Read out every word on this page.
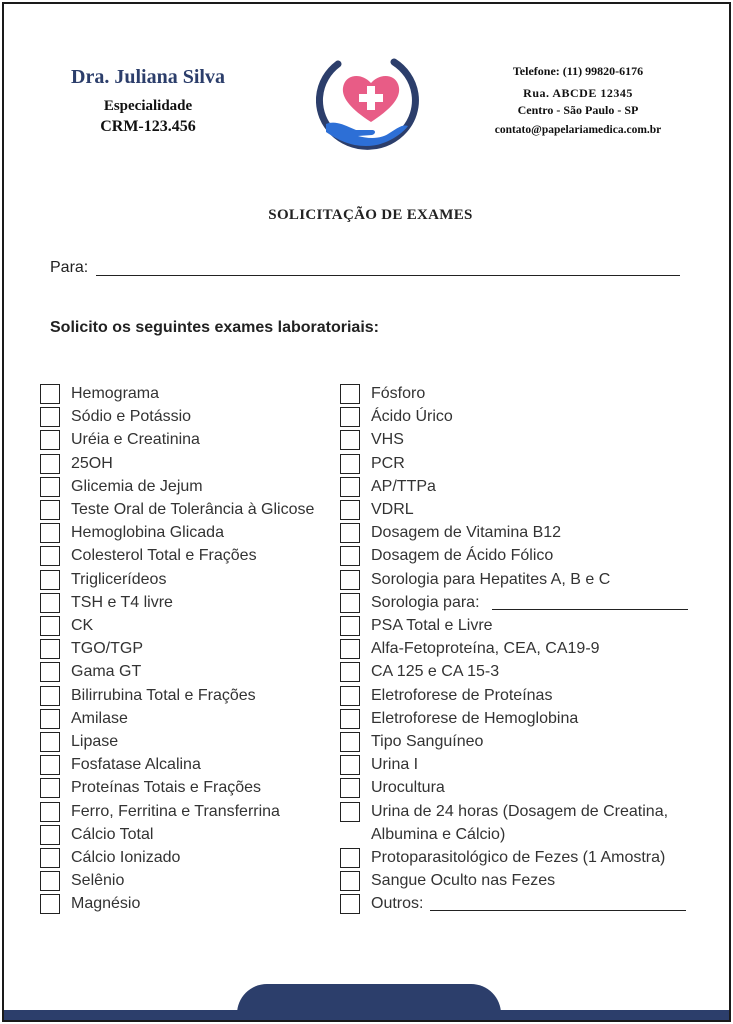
Dra. Juliana Silva
Especialidade
CRM-123.456
Telefone: (11) 99820-6176
Rua. ABCDE 12345
Centro - São Paulo - SP
contato@papelariamedica.com.br
SOLICITAÇÃO DE EXAMES
Para:
Solicito os seguintes exames laboratoriais:
Hemograma
Sódio e Potássio
Uréia e Creatinina
25OH
Glicemia de Jejum
Teste Oral de Tolerância à Glicose
Hemoglobina Glicada
Colesterol Total e Frações
Triglicerídeos
TSH e T4 livre
CK
TGO/TGP
Gama GT
Bilirrubina Total e Frações
Amilase
Lipase
Fosfatase Alcalina
Proteínas Totais e Frações
Ferro, Ferritina e Transferrina
Cálcio Total
Cálcio Ionizado
Selênio
Magnésio
Fósforo
Ácido Úrico
VHS
PCR
AP/TTPa
VDRL
Dosagem de Vitamina B12
Dosagem de Ácido Fólico
Sorologia para Hepatites A, B e C
Sorologia para:
PSA Total e Livre
Alfa-Fetoproteína, CEA, CA19-9
CA 125 e CA 15-3
Eletroforese de Proteínas
Eletroforese de Hemoglobina
Tipo Sanguíneo
Urina I
Urocultura
Urina de 24 horas (Dosagem de Creatina,
Albumina e Cálcio)
Protoparasitológico de Fezes (1 Amostra)
Sangue Oculto nas Fezes
Outros:
